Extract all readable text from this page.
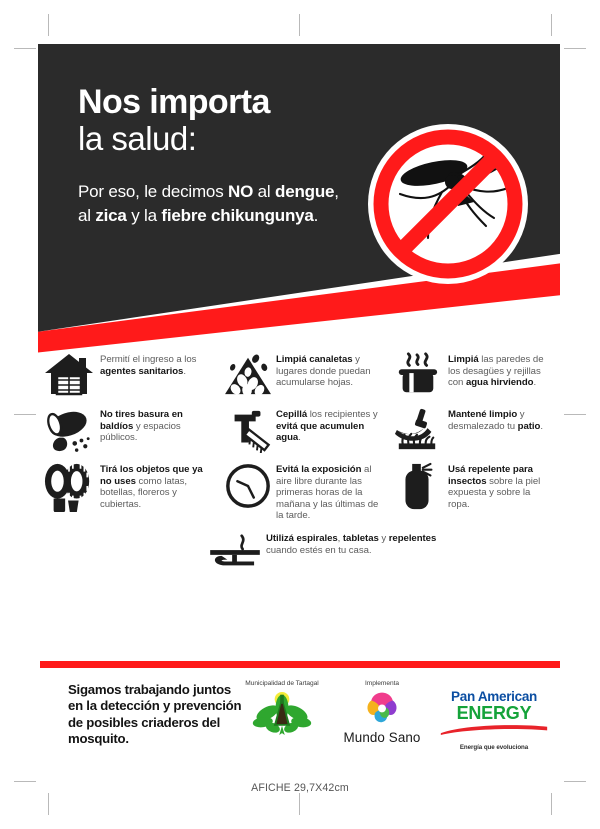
Nos importa

la salud:

Por eso, le decimos NO al dengue, al zica y la fiebre chikungunya.

Permití el ingreso a los agentes sanitarios.
Limpiá canaletas y lugares donde puedan acumularse hojas.
Limpiá las paredes de los desagües y rejillas con agua hirviendo.
No tires basura en baldíos y espacios públicos.
Cepillá los recipientes y evitá que acumulen agua.
Mantené limpio y desmalezado tu patio.
Tirá los objetos que ya no uses como latas, botellas, floreros y cubiertas.
Evitá la exposición al aire libre durante las primeras horas de la mañana y las últimas de la tarde.
Usá repelente para insectos sobre la piel expuesta y sobre la ropa.
Utilizá espirales, tabletas y repelentes cuando estés en tu casa.
Sigamos trabajando juntos en la detección y prevención de posibles criaderos del mosquito.
Municipalidad de Tartagal	Implementa
Mundo Sano
Pan American
ENERGY
Energía que evoluciona
AFICHE 29,7X42cm
